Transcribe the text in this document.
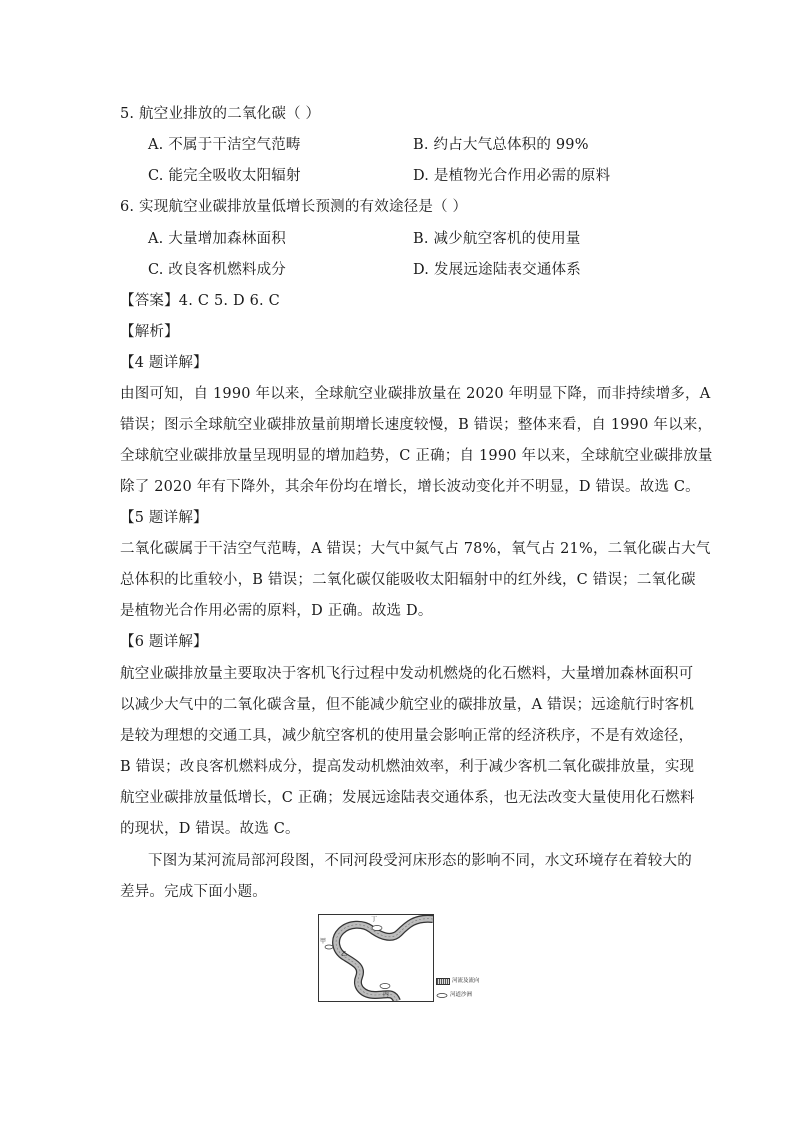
5. 航空业排放的二氧化碳（ ）
A. 不属于干洁空气范畴	B. 约占大气总体积的 99%
C. 能完全吸收太阳辐射	D. 是植物光合作用必需的原料
6. 实现航空业碳排放量低增长预测的有效途径是（ ）
A. 大量增加森林面积	B. 减少航空客机的使用量
C. 改良客机燃料成分	D. 发展远途陆表交通体系
【答案】4. C 5. D 6. C
【解析】
【4 题详解】
由图可知，自 1990 年以来，全球航空业碳排放量在 2020 年明显下降，而非持续增多，A
错误；图示全球航空业碳排放量前期增长速度较慢，B 错误；整体来看，自 1990 年以来，
全球航空业碳排放量呈现明显的增加趋势，C 正确；自 1990 年以来，全球航空业碳排放量
除了 2020 年有下降外，其余年份均在增长，增长波动变化并不明显，D 错误。故选 C。
【5 题详解】
二氧化碳属于干洁空气范畴，A 错误；大气中氮气占 78%，氧气占 21%，二氧化碳占大气
总体积的比重较小，B 错误；二氧化碳仅能吸收太阳辐射中的红外线，C 错误；二氧化碳
是植物光合作用必需的原料，D 正确。故选 D。
【6 题详解】
航空业碳排放量主要取决于客机飞行过程中发动机燃烧的化石燃料，大量增加森林面积可
以减少大气中的二氧化碳含量，但不能减少航空业的碳排放量，A 错误；远途航行时客机
是较为理想的交通工具，减少航空客机的使用量会影响正常的经济秩序，不是有效途径，
B 错误；改良客机燃料成分，提高发动机燃油效率，利于减少客机二氧化碳排放量，实现
航空业碳排放量低增长，C 正确；发展远途陆表交通体系，也无法改变大量使用化石燃料
的现状，D 错误。故选 C。
下图为某河流局部河段图，不同河段受河床形态的影响不同，水文环境存在着较大的
差异。完成下面小题。
丁
甲
乙
丙
河流及流向
河道沙洲
